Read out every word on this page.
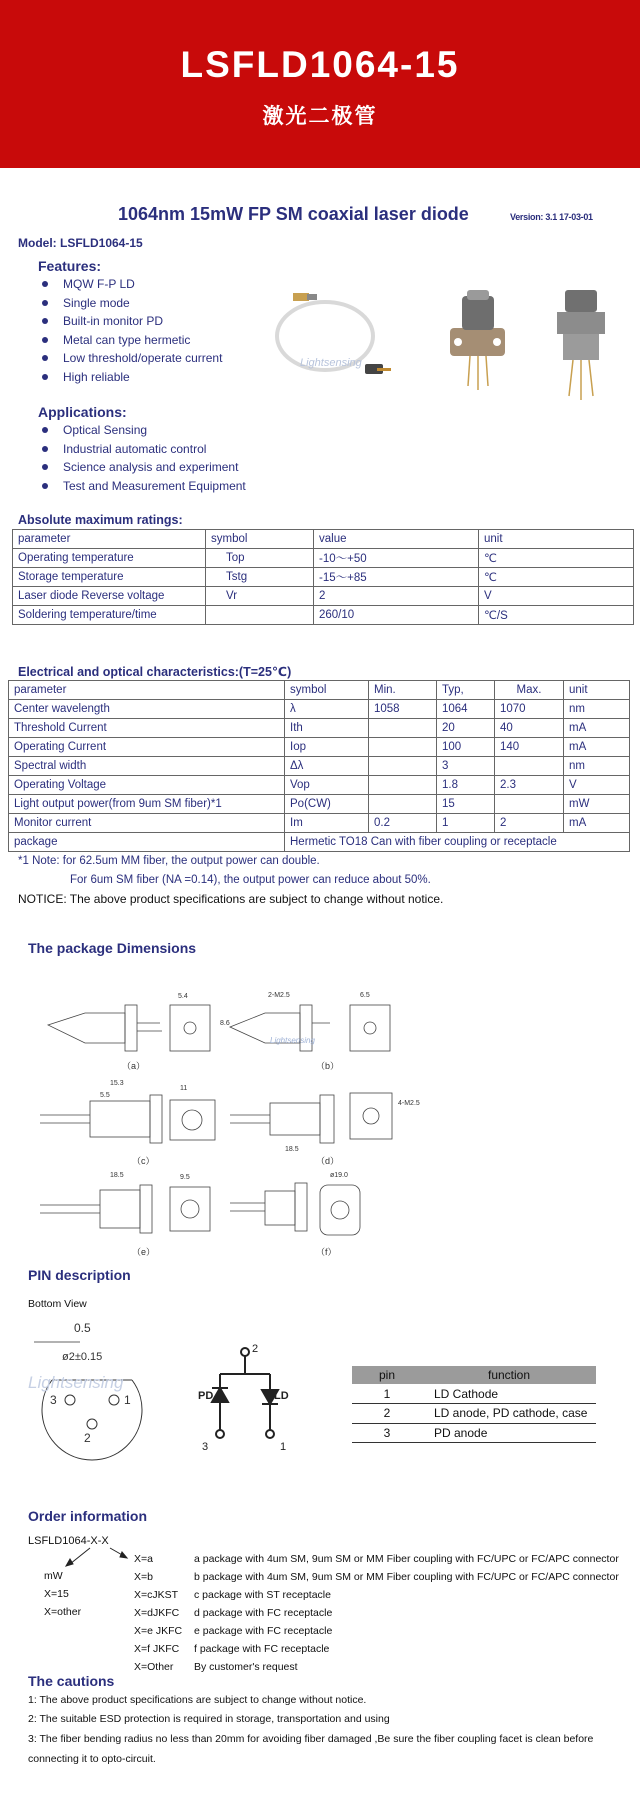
LSFLD1064-15
激光二极管
1064nm 15mW FP SM coaxial laser diode	Version: 3.1 17-03-01
Model: LSFLD1064-15
Features:
MQW F-P LD
Single mode
Built-in monitor PD
Metal can type hermetic
Low threshold/operate current
High reliable
Lightsensing
Applications:
Optical Sensing
Industrial automatic control
Science analysis and experiment
Test and Measurement Equipment
Absolute maximum ratings:
parameter	symbol	value	unit
Operating temperature	Top	-10～+50	℃
Storage temperature	Tstg	-15～+85	℃
Laser diode Reverse voltage	Vr	2	V
Soldering temperature/time		260/10	℃/S
Electrical and optical characteristics:(T=25℃)
parameter	symbol	Min.	Typ,	Max.	unit
Center wavelength	λ	1058	1064	1070	nm
Threshold Current	Ith		20	40	mA
Operating Current	Iop		100	140	mA
Spectral width	Δλ		3		nm
Operating Voltage	Vop		1.8	2.3	V
Light output power(from 9um SM fiber)*1	Po(CW)		15		mW
Monitor current	Im	0.2	1	2	mA
package	Hermetic TO18 Can with fiber coupling or receptacle				
*1 Note: for 62.5um MM fiber, the output power can double.
For 6um SM fiber (NA =0.14), the output power can reduce about 50%.
NOTICE: The above product specifications are subject to change without notice.
The package Dimensions
5.4
8.6
（a）
2-M2.5	6.5
Lightsensing
（b）
15.3
5.5
11
（c）
4-M2.5
18.5
（d）
18.5	9.5
（e）
ø19.0
（f）
PIN description
Bottom View
0.5
ø2±0.15
3	1
2
Lightsensing
2
PD	LD
3	1
pin	function
1	LD Cathode
2	LD anode, PD cathode, case
3	PD anode
Order information
LSFLD1064-X-X
mW
X=15
X=other
X=a	a package with 4um SM, 9um SM or MM Fiber coupling with FC/UPC or FC/APC connector
X=b	b package with 4um SM, 9um SM or MM Fiber coupling with FC/UPC or FC/APC connector
X=cJKST c package with ST receptacle
X=dJKFC d package with FC receptacle
X=e JKFC e package with FC receptacle
X=f JKFC f package with FC receptacle
X=Other By customer's request
The cautions
1: The above product specifications are subject to change without notice.
2: The suitable ESD protection is required in storage, transportation and using
3: The fiber bending radius no less than 20mm for avoiding fiber damaged ,Be sure the fiber coupling facet is clean before
connecting it to opto-circuit.
